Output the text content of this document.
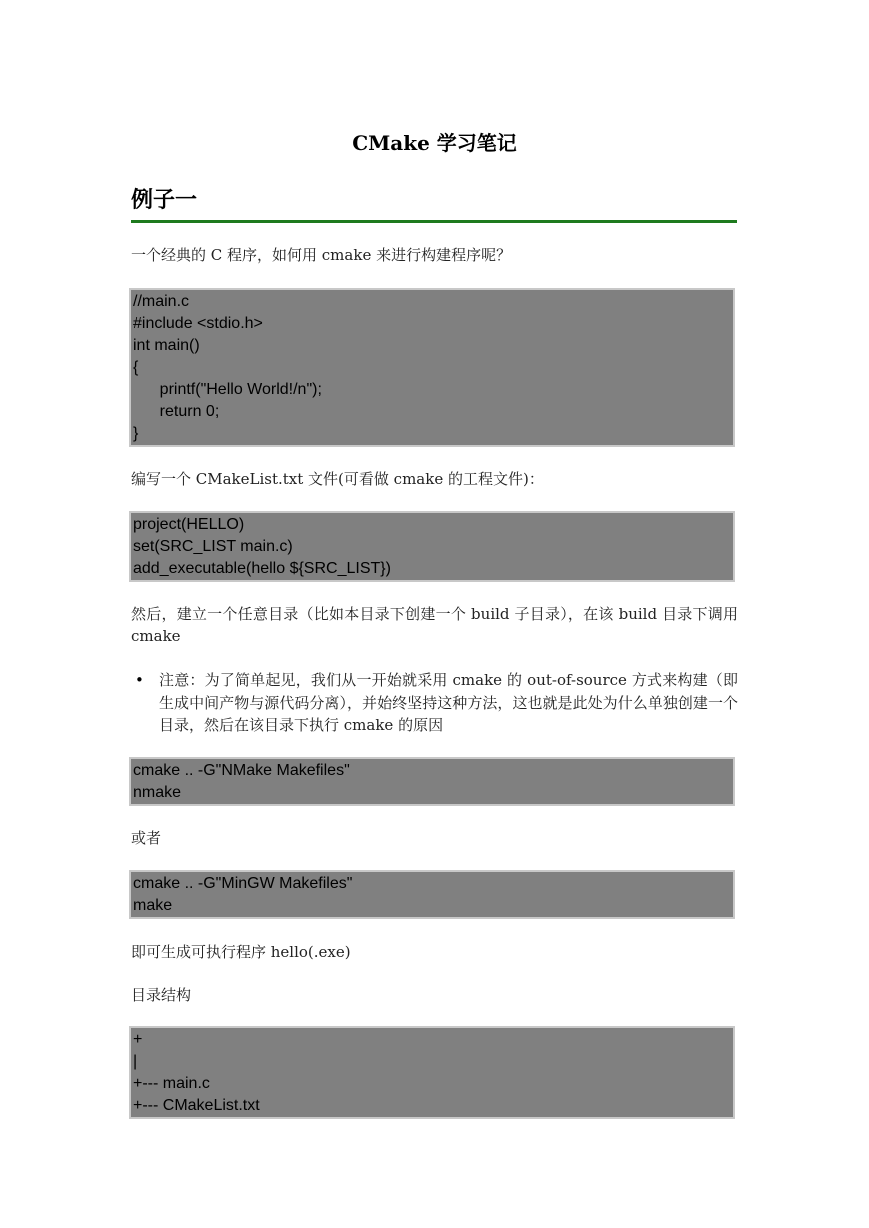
CMake 学习笔记
例子一
一个经典的 C 程序，如何用 cmake 来进行构建程序呢？
//main.c
#include <stdio.h>
int main()
{
printf("Hello World!/n");
return 0;
}
编写一个 CMakeList.txt 文件(可看做 cmake 的工程文件)：
project(HELLO)
set(SRC_LIST main.c)
add_executable(hello ${SRC_LIST})
然后，建立一个任意目录（比如本目录下创建一个 build 子目录），在该 build 目录下调用 cmake
• 注意：为了简单起见，我们从一开始就采用 cmake 的 out-of-source 方式来构建（即生成中间产物与源代码分离），并始终坚持这种方法，这也就是此处为什么单独创建一个目录，然后在该目录下执行 cmake 的原因
cmake .. -G"NMake Makefiles"
nmake
或者
cmake .. -G"MinGW Makefiles"
make
即可生成可执行程序 hello(.exe)
目录结构
+
|
+--- main.c
+--- CMakeList.txt
